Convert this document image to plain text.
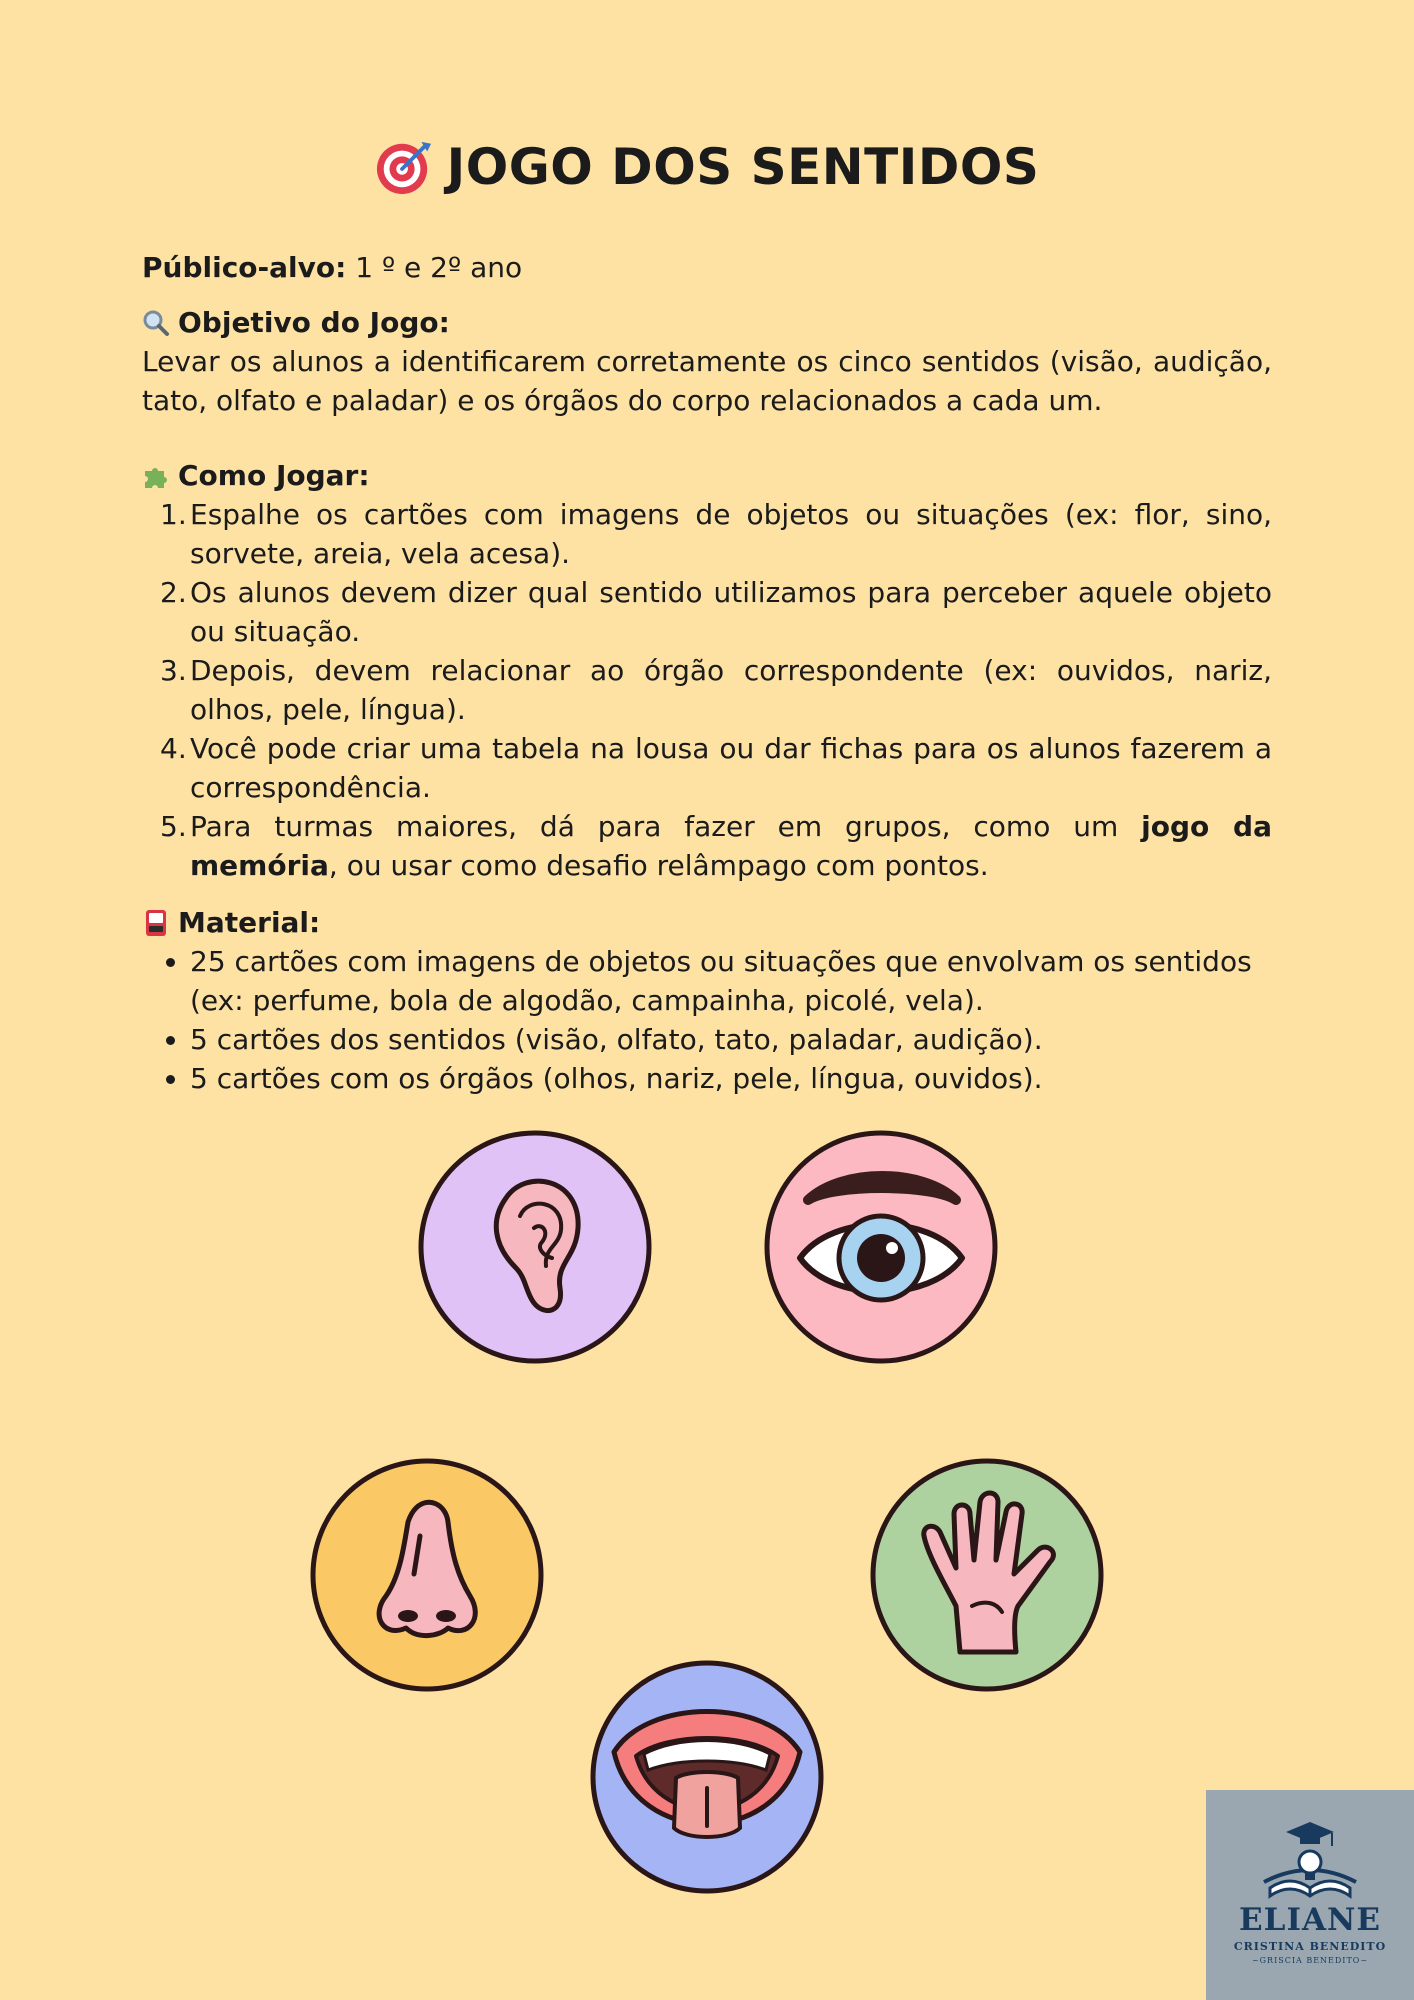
JOGO DOS SENTIDOS

Público-alvo: 1 º e 2º ano

Objetivo do Jogo:

Levar os alunos a identificarem corretamente os cinco sentidos (visão, audição, tato, olfato e paladar) e os órgãos do corpo relacionados a cada um.

Como Jogar:
1. Espalhe os cartões com imagens de objetos ou situações (ex: flor, sino, sorvete, areia, vela acesa).
2. Os alunos devem dizer qual sentido utilizamos para perceber aquele objeto ou situação.
3. Depois, devem relacionar ao órgão correspondente (ex: ouvidos, nariz, olhos, pele, língua).
4. Você pode criar uma tabela na lousa ou dar fichas para os alunos fazerem a correspondência.
5. Para turmas maiores, dá para fazer em grupos, como um jogo da memória, ou usar como desafio relâmpago com pontos.
Material:
25 cartões com imagens de objetos ou situações que envolvam os sentidos (ex: perfume, bola de algodão, campainha, picolé, vela).
5 cartões dos sentidos (visão, olfato, tato, paladar, audição).
5 cartões com os órgãos (olhos, nariz, pele, língua, ouvidos).
ELIANE
CRISTINA BENEDITO
~GRISCIA BENEDITO~
